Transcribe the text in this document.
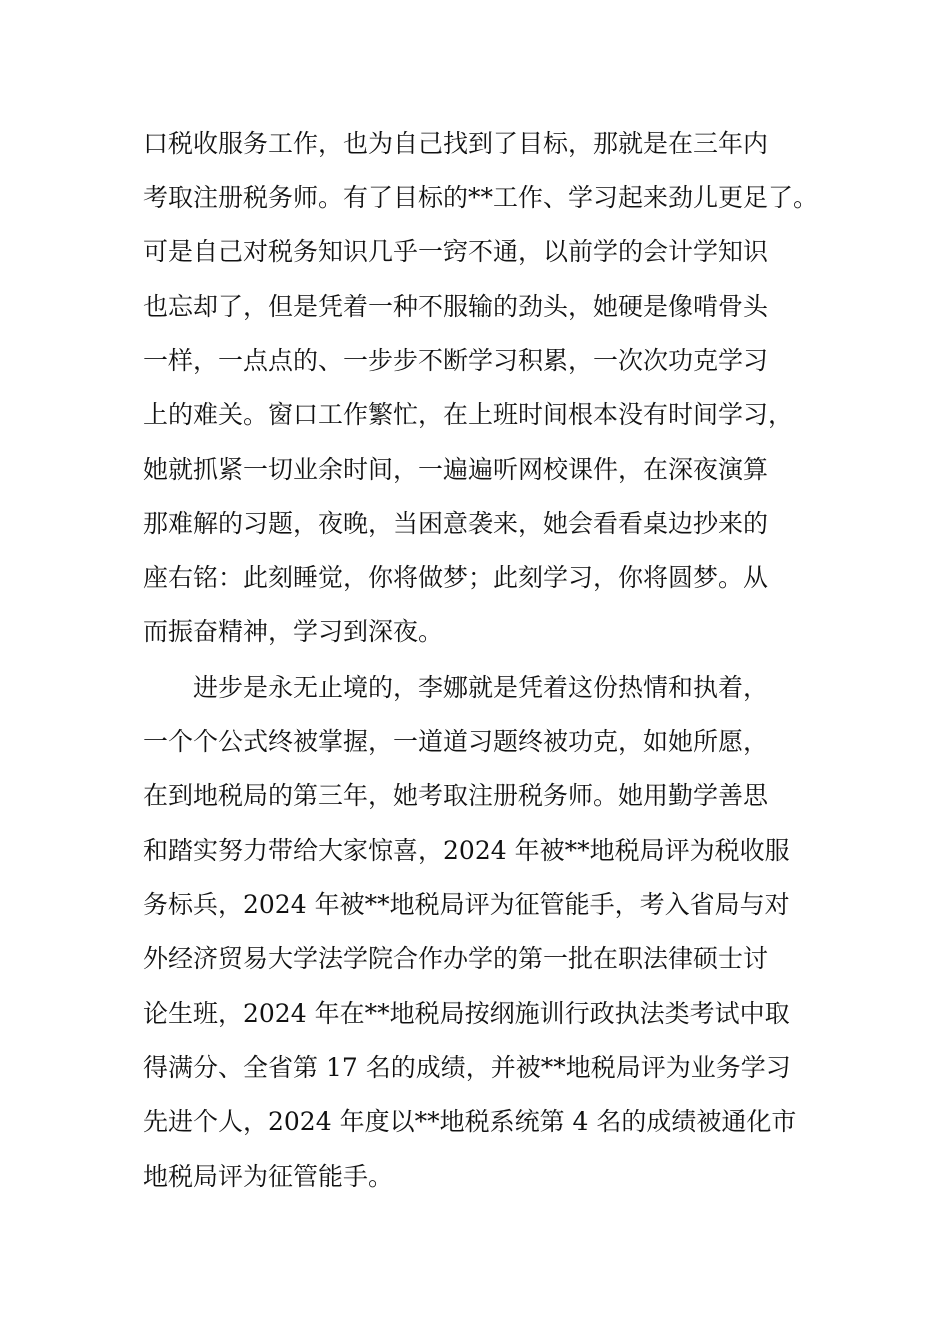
口税收服务工作，也为自己找到了目标，那就是在三年内
考取注册税务师。有了目标的**工作、学习起来劲儿更足了。
可是自己对税务知识几乎一窍不通，以前学的会计学知识
也忘却了，但是凭着一种不服输的劲头，她硬是像啃骨头
一样，一点点的、一步步不断学习积累，一次次功克学习
上的难关。窗口工作繁忙，在上班时间根本没有时间学习，
她就抓紧一切业余时间，一遍遍听网校课件，在深夜演算
那难解的习题，夜晚，当困意袭来，她会看看桌边抄来的
座右铭：此刻睡觉，你将做梦；此刻学习，你将圆梦。从
而振奋精神，学习到深夜。
进步是永无止境的，李娜就是凭着这份热情和执着，
一个个公式终被掌握，一道道习题终被功克，如她所愿，
在到地税局的第三年，她考取注册税务师。她用勤学善思
和踏实努力带给大家惊喜，2024 年被**地税局评为税收服
务标兵，2024 年被**地税局评为征管能手，考入省局与对
外经济贸易大学法学院合作办学的第一批在职法律硕士讨
论生班，2024 年在**地税局按纲施训行政执法类考试中取
得满分、全省第 17 名的成绩，并被**地税局评为业务学习
先进个人，2024 年度以**地税系统第 4 名的成绩被通化市
地税局评为征管能手。
